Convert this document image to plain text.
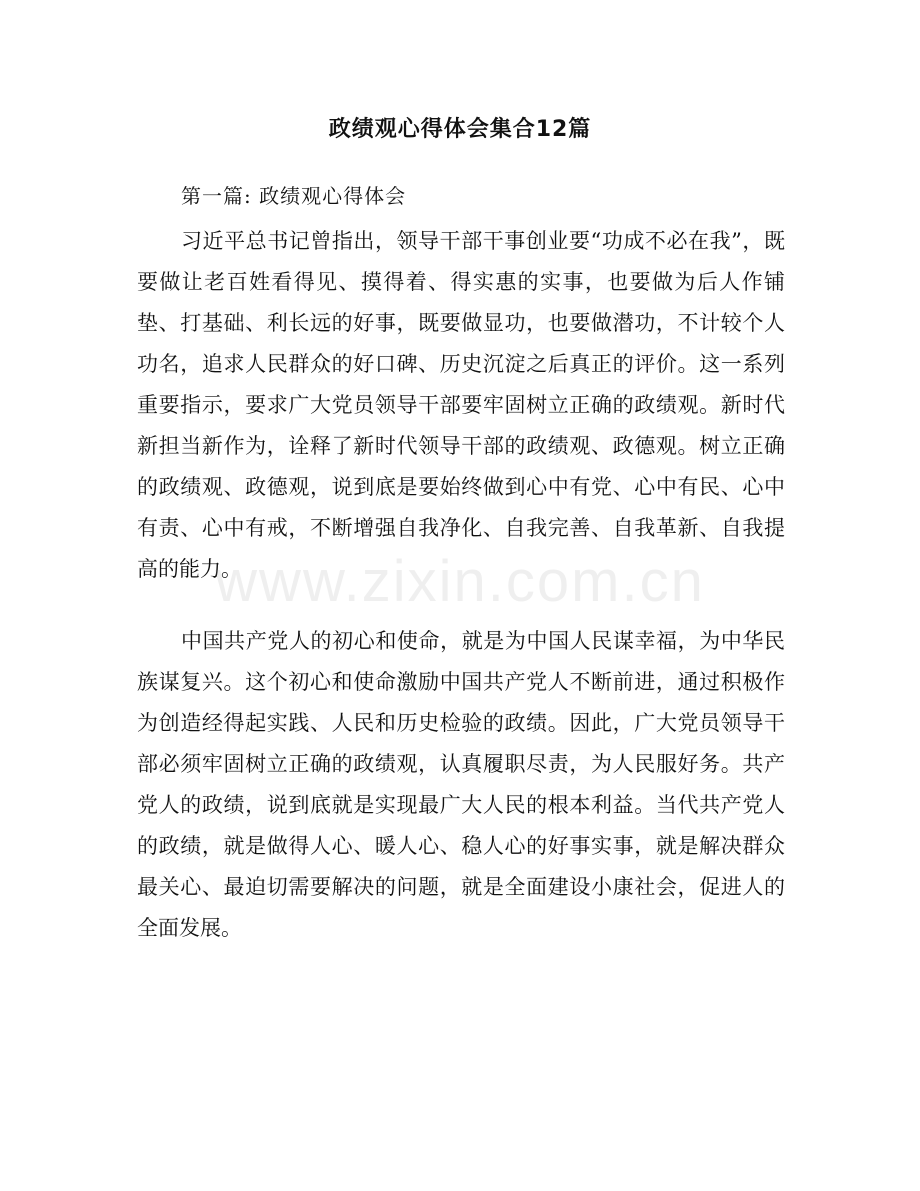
政绩观心得体会集合12篇

第一篇: 政绩观心得体会

习近平总书记曾指出，领导干部干事创业要“功成不必在我”，既要做让老百姓看得见、摸得着、得实惠的实事，也要做为后人作铺垫、打基础、利长远的好事，既要做显功，也要做潜功，不计较个人功名，追求人民群众的好口碑、历史沉淀之后真正的评价。这一系列重要指示，要求广大党员领导干部要牢固树立正确的政绩观。新时代新担当新作为，诠释了新时代领导干部的政绩观、政德观。树立正确的政绩观、政德观，说到底是要始终做到心中有党、心中有民、心中有责、心中有戒，不断增强自我净化、自我完善、自我革新、自我提高的能力。

www.zixin.com.cn

中国共产党人的初心和使命，就是为中国人民谋幸福，为中华民族谋复兴。这个初心和使命激励中国共产党人不断前进，通过积极作为创造经得起实践、人民和历史检验的政绩。因此，广大党员领导干部必须牢固树立正确的政绩观，认真履职尽责，为人民服好务。共产党人的政绩，说到底就是实现最广大人民的根本利益。当代共产党人的政绩，就是做得人心、暖人心、稳人心的好事实事，就是解决群众最关心、最迫切需要解决的问题，就是全面建设小康社会，促进人的全面发展。
